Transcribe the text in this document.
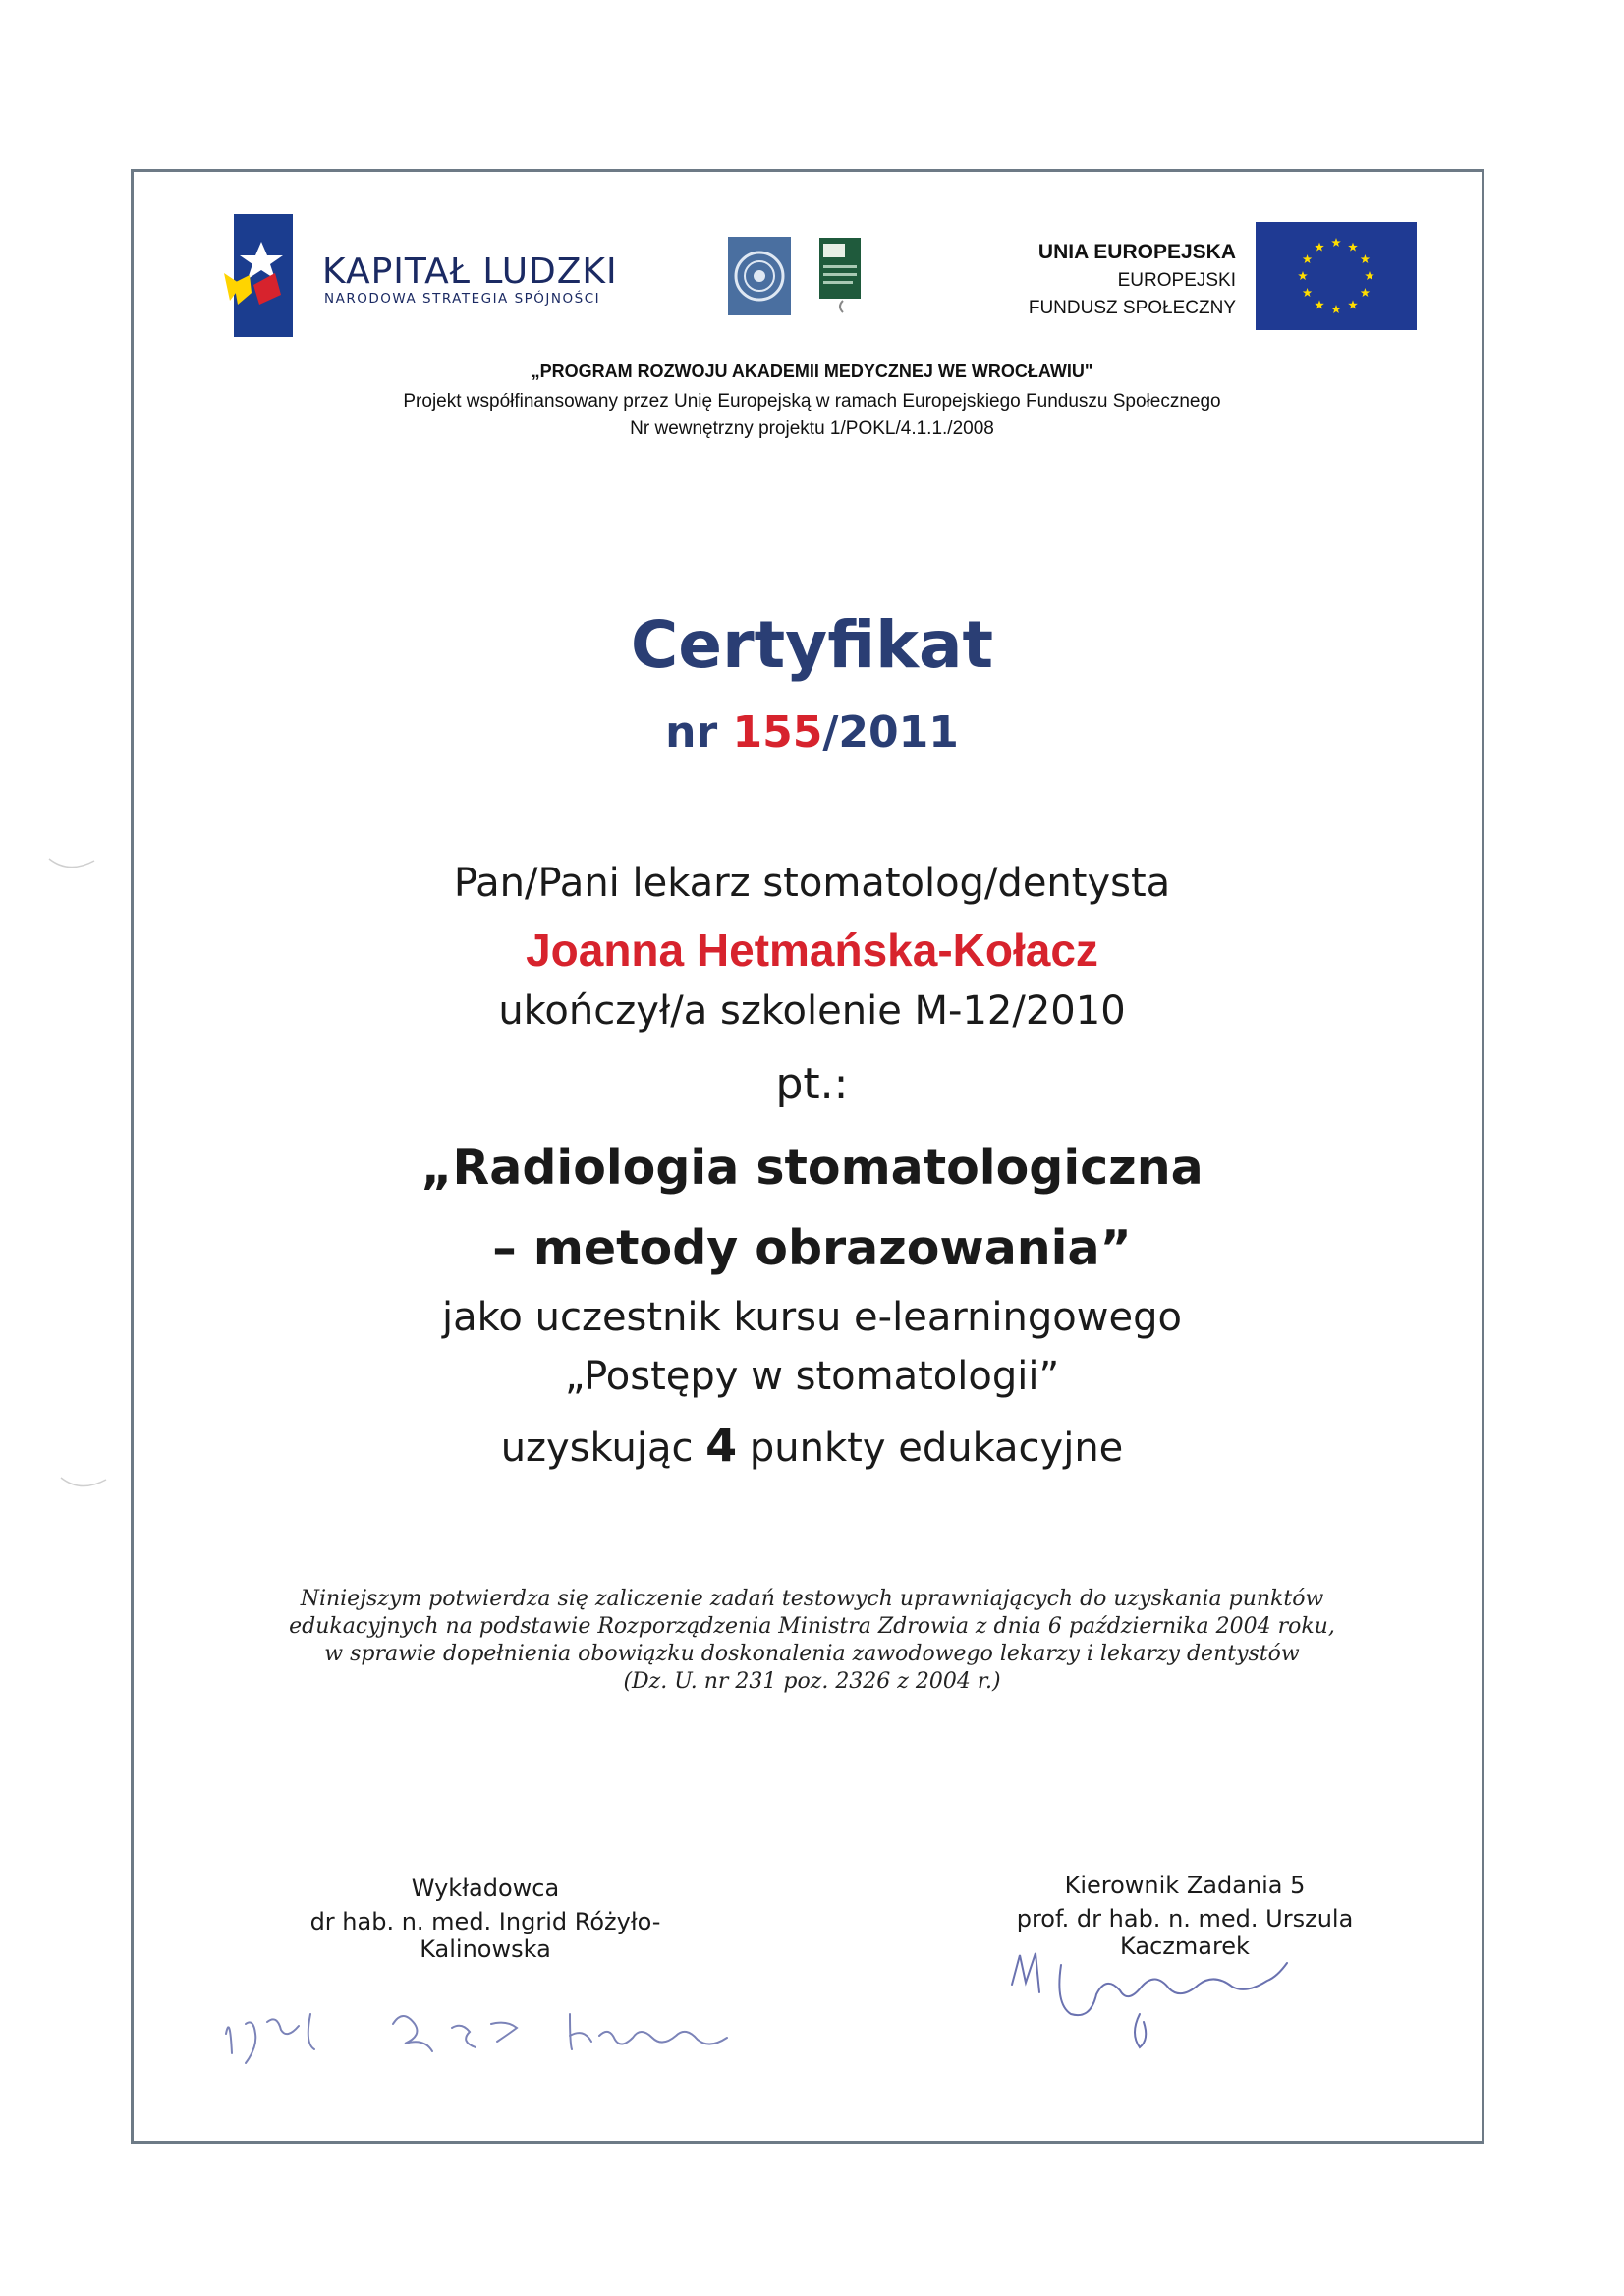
KAPITAŁ LUDZKI
NARODOWA STRATEGIA SPÓJNOŚCI
UNIA EUROPEJSKA
EUROPEJSKI
FUNDUSZ SPOŁECZNY
„PROGRAM ROZWOJU AKADEMII MEDYCZNEJ WE WROCŁAWIU"
Projekt współfinansowany przez Unię Europejską w ramach Europejskiego Funduszu Społecznego
Nr wewnętrzny projektu 1/POKL/4.1.1./2008
Certyfikat
nr 155/2011
Pan/Pani lekarz stomatolog/dentysta
Joanna Hetmańska-Kołacz
ukończył/a szkolenie M-12/2010
pt.:
„Radiologia stomatologiczna
– metody obrazowania”
jako uczestnik kursu e-learningowego
„Postępy w stomatologii”
uzyskując 4 punkty edukacyjne
Niniejszym potwierdza się zaliczenie zadań testowych uprawniających do uzyskania punktów
edukacyjnych na podstawie Rozporządzenia Ministra Zdrowia z dnia 6 października 2004 roku,
w sprawie dopełnienia obowiązku doskonalenia zawodowego lekarzy i lekarzy dentystów
(Dz. U. nr 231 poz. 2326 z 2004 r.)
Wykładowca
dr hab. n. med. Ingrid Różyło-Kalinowska
Kierownik Zadania 5
prof. dr hab. n. med. Urszula Kaczmarek
